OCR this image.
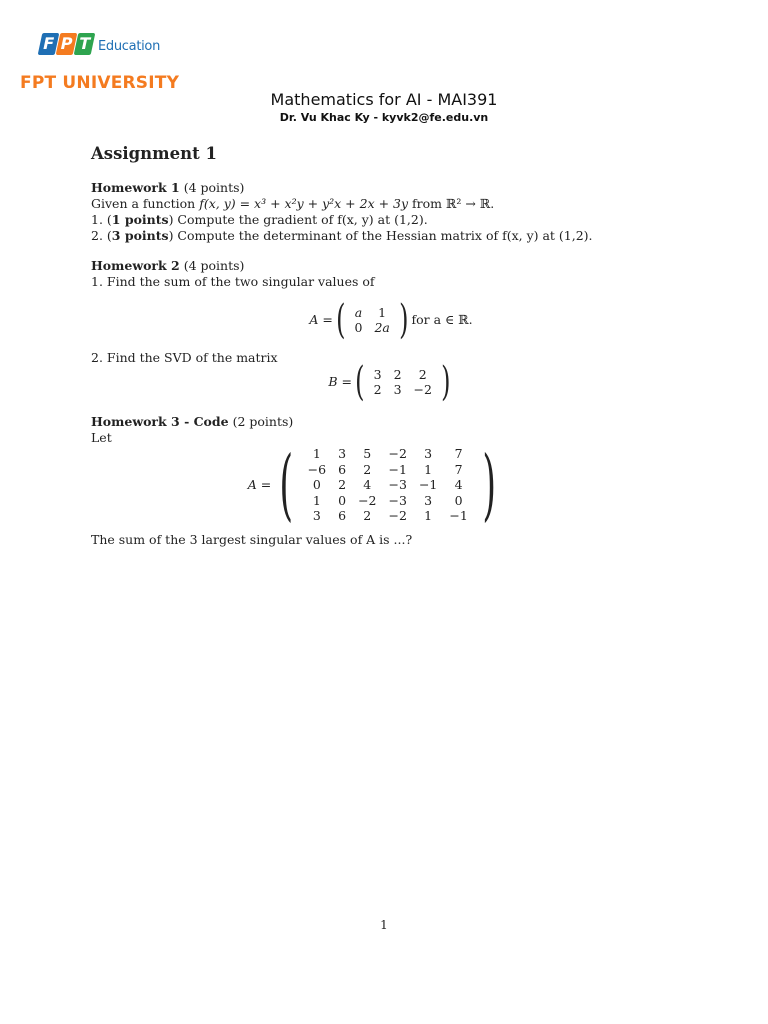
F P T Education
FPT UNIVERSITY
Mathematics for AI - MAI391
Dr. Vu Khac Ky - kyvk2@fe.edu.vn
Assignment 1

Homework 1 (4 points)

Given a function f(x, y) = x³ + x²y + y²x + 2x + 3y from ℝ² → ℝ.

1. (1 points) Compute the gradient of f(x, y) at (1,2).

2. (3 points) Compute the determinant of the Hessian matrix of f(x, y) at (1,2).

Homework 2 (4 points)

1. Find the sum of the two singular values of

A = ( a	1
0	2a ) for a ∈ ℝ.

2. Find the SVD of the matrix

B = ( 3	2	2
2	3	−2 )

Homework 3 - Code (2 points)

Let

A = ( 1	3	5	−2	3	7
−6	6	2	−1	1	7
0	2	4	−3	−1	4
1	0	−2	−3	3	0
3	6	2	−2	1	−1 )

The sum of the 3 largest singular values of A is ...?

1
